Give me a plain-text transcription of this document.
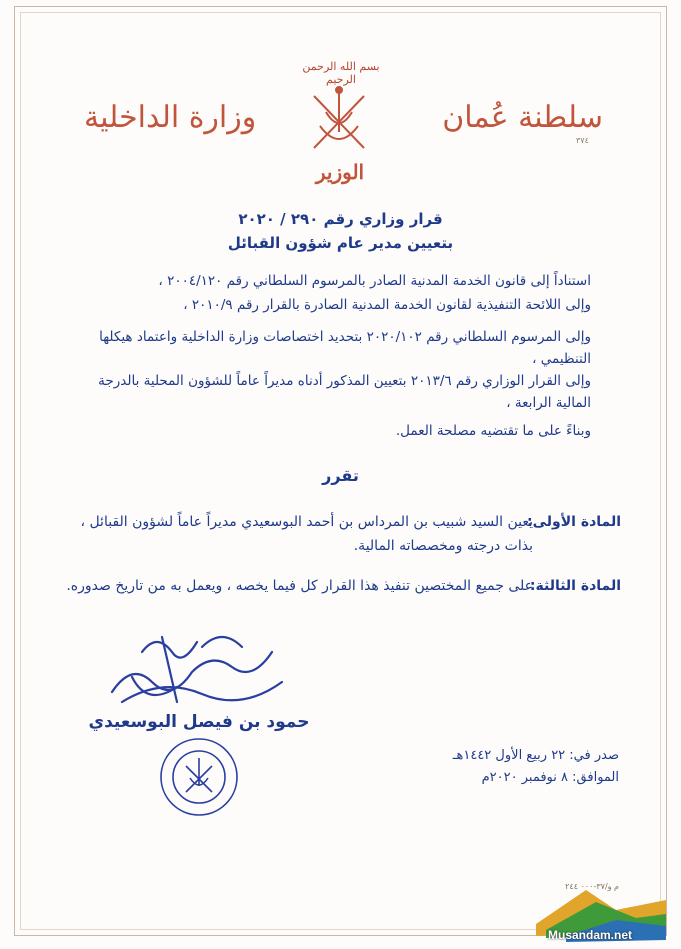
بسم الله الرحمن الرحيم
سلطنة عُمان
وزارة الداخلية
٣٧٤
الوزير
قرار وزاري رقم ٢٩٠ / ٢٠٢٠
بتعيين مدير عام شؤون القبائل
استناداً إلى قانون الخدمة المدنية الصادر بالمرسوم السلطاني رقم ٢٠٠٤/١٢٠ ،
وإلى اللائحة التنفيذية لقانون الخدمة المدنية الصادرة بالقرار رقم ٢٠١٠/٩ ،
وإلى المرسوم السلطاني رقم ٢٠٢٠/١٠٢ بتحديد اختصاصات وزارة الداخلية واعتماد هيكلها التنظيمي ،
وإلى القرار الوزاري رقم ٢٠١٣/٦ بتعيين المذكور أدناه مديراً عاماً للشؤون المحلية بالدرجة المالية الرابعة ،
وبناءً على ما تقتضيه مصلحة العمل.
تقرر
المادة الأولى:
يعين السيد شبيب بن المرداس بن أحمد البوسعيدي مديراً عاماً لشؤون القبائل ، بذات درجته ومخصصاته المالية.
المادة الثالثة:
على جميع المختصين تنفيذ هذا القرار كل فيما يخصه ، ويعمل به من تاريخ صدوره.
حمود بن فيصل البوسعيدي
صدر في: ٢٢ ربيع الأول ١٤٤٢هـ
الموافق: ٨ نوفمبر ٢٠٢٠م
م و/٣٧-٠٠٠ ٢٤٤
Musandam.net
